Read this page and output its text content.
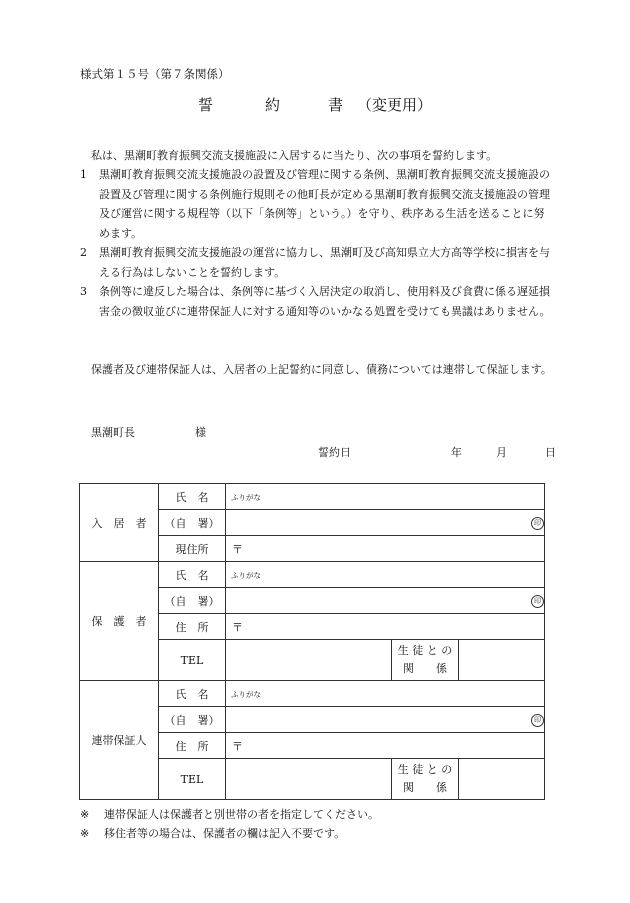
様式第１５号（第７条関係）
誓	約	書 （変更用）
私は、黒潮町教育振興交流支援施設に入居するに当たり、次の事項を誓約します。
1	黒潮町教育振興交流支援施設の設置及び管理に関する条例、黒潮町教育振興交流支援施設の設置及び管理に関する条例施行規則その他町長が定める黒潮町教育振興交流支援施設の管理及び運営に関する規程等（以下「条例等」という。）を守り、秩序ある生活を送ることに努めます。
2	黒潮町教育振興交流支援施設の運営に協力し、黒潮町及び高知県立大方高等学校に損害を与える行為はしないことを誓約します。
3	条例等に違反した場合は、条例等に基づく入居決定の取消し、使用料及び食費に係る遅延損害金の徴収並びに連帯保証人に対する通知等のいかなる処置を受けても異議はありません。
保護者及び連帯保証人は、入居者の上記誓約に同意し、債務については連帯して保証します。
黒潮町長	様
誓約日	年	月	日
入　居　者	氏　名	ふりがな		
	（自　署）	印		
	現住所	〒		
保　護　者	氏　名	ふりがな		
	（自　署）	印		
	住　所	〒		
	TEL		生 徒 と の
関　　係	

連帯保証人	氏　名	ふりがな		
	（自　署）	印		
	住　所	〒		
	TEL		生 徒 と の
関　　係	

※ 連帯保証人は保護者と別世帯の者を指定してください。
※ 移住者等の場合は、保護者の欄は記入不要です。
